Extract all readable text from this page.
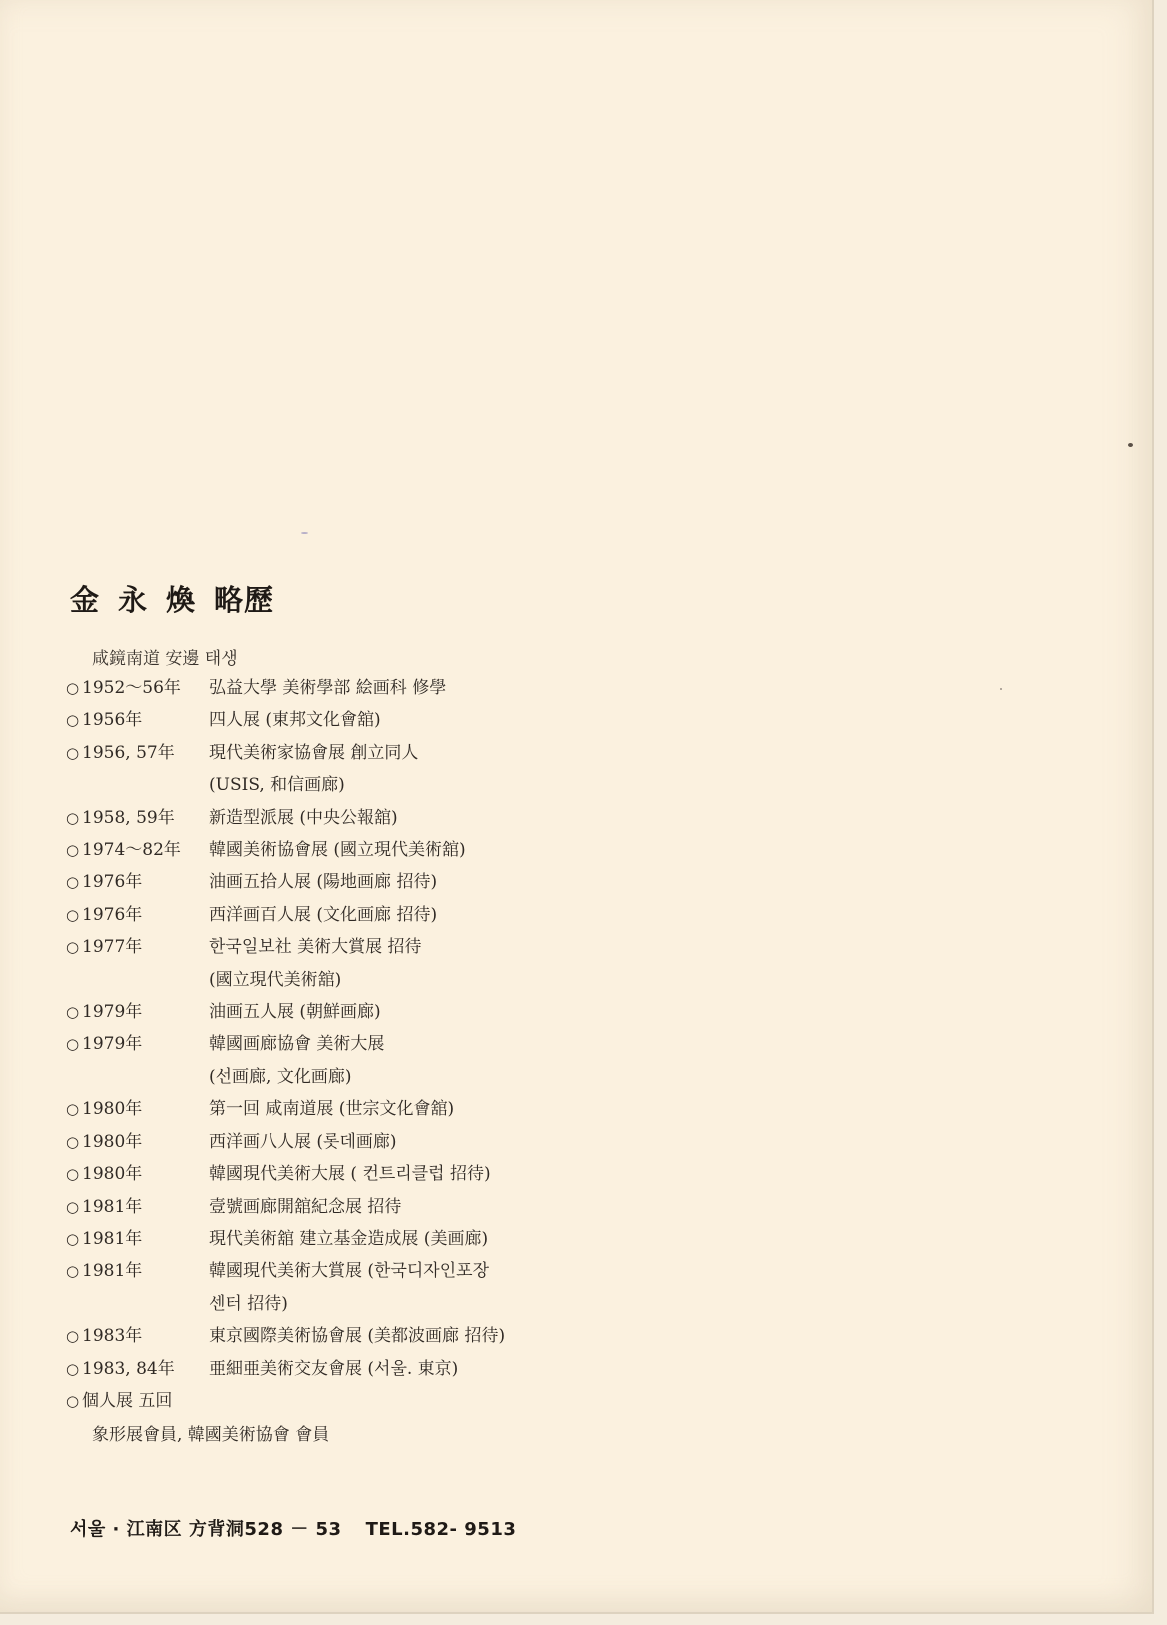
金 永 煥 略歷
咸鏡南道 安邊 태생
○ 1952～56年	弘益大學 美術學部 絵画科 修學
○ 1956年	四人展 (東邦文化會舘)
○ 1956, 57年	現代美術家協會展 創立同人
(USIS, 和信画廊)
○ 1958, 59年	新造型派展 (中央公報舘)
○ 1974～82年	韓國美術協會展 (國立現代美術舘)
○ 1976年	油画五拾人展 (陽地画廊 招待)
○ 1976年	西洋画百人展 (文化画廊 招待)
○ 1977年	한국일보社 美術大賞展 招待
(國立現代美術舘)
○ 1979年	油画五人展 (朝鮮画廊)
○ 1979年	韓國画廊協會 美術大展
(선画廊, 文化画廊)
○ 1980年	第一回 咸南道展 (世宗文化會舘)
○ 1980年	西洋画八人展 (롯데画廊)
○ 1980年	韓國現代美術大展 ( 컨트리클럽 招待)
○ 1981年	壹號画廊開舘紀念展 招待
○ 1981年	現代美術舘 建立基金造成展 (美画廊)
○ 1981年	韓國現代美術大賞展 (한국디자인포장
센터 招待)
○ 1983年	東京國際美術協會展 (美都波画廊 招待)
○ 1983, 84年	亜細亜美術交友會展 (서울. 東京)
○ 個人展 五回
象形展會員, 韓國美術協會 會員
서울 · 江南区 方背洞528 － 53 TEL.582- 9513
